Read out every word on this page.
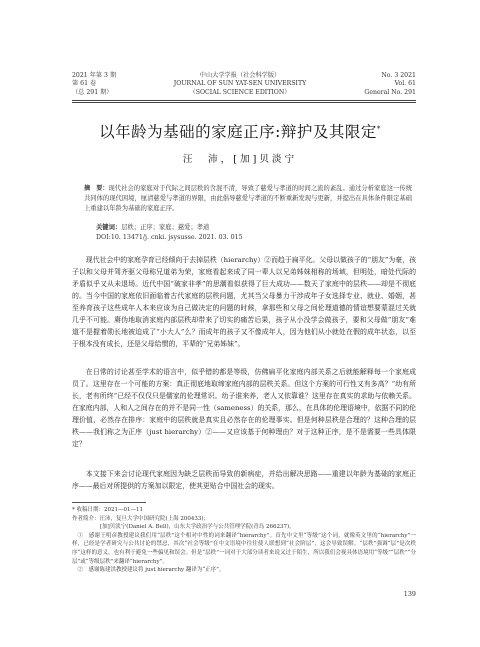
2021 年第 3 期
第 61 卷
（总 291 期）
中山大学学报（社会科学版）
JOURNAL OF SUN YAT-SEN UNIVERSITY
（SOCIAL SCIENCE EDITION）
No. 3 2021
Vol. 61
General No. 291
以年龄为基础的家庭正序:辩护及其限定*
汪　沛，[加]贝淡宁
摘　要：现代社会的家庭对于代际之间层秩的含混不清，导致了慈爱与孝道的时间之流的紊乱。通过分析家庭这一传统共同体的现代困境，厘清慈爱与孝道的界限，由此倡导慈爱与孝道的不断重新发现与更新，并提出在具体条件限定基础上重建以年龄为基础的家庭正序。
关键词：层秩；正序；家庭；慈爱；孝道
DOI:10. 13471/j. cnki. jsysusse. 2021. 03. 015

现代社会中的家庭孕育已经倾向于去掉层秩（hierarchy）②而趋于扁平化。父母以做孩子的“朋友”为豪，孩子以和父母并驾齐驱父母称兄道弟为荣，家庭看起来成了同一辈人以兄弟姊妹相称的场域，但明处，暗处代际的矛盾似乎又从未退场。近代中国“破家非孝”的思潮看似获得了巨大成功——数天了家庭中的层秩——却是不彻底的。当今中国的家庭依旧面临着古代家庭的层秩问题，尤其当父母暴力干涉成年子女选择专业、就业、婚姻，甚至养育孩子这些成年人本来应该为自己做决定的问题的时候，拿那些和父母之间伦理道德的情谊想要蒙混过关就几乎不可能。赓伪地取消家庭内部层秩却带来了切实的痛苦后果，孩子从小没学会做孩子，要和父母做“朋友”难道不是握着勋长地被迫成了“小大人”么？而成年的孩子又不像成年人，因为他们从小就处在假的成年状态，以至于根本没有成长，还是父母给惯的，平辈的“兄弟姊妹”。

在日常的讨论甚至学术的语言中，似乎错的都是等级，仿佛扁平化家庭内部关系之后就能解释每一个家庭成员了。这里存在一个可能的方案：真正彻底地取缔家庭内部的层秩关系。但这个方案的可行性又有多高？“幼有所长，老有所终”已经不仅仅只是儒家的伦理常识。幼子谁来养，老人又依靠谁？这里存在真实的求助与依赖关系。在家庭内部，人和人之间存在的并不是同一性（sameness）的关系，那么，在具体的伦理语境中，依据不同的伦理价值，必然存在排序：家庭中的层秩就是真实且必然存在的伦理事实。但是何种层秩是合理的？这种合理的层秩——我们称之为正序（just hierarchy）②——又应该基于何种理由？对于这种正序，是不是需要一些具体限定？

本文接下来会讨论现代家庭因为缺乏层秩而导致的新病症，并给出解决思路——重建以年龄为基础的家庭正序——最后对所提供的方案加以限定，使其更贴合中国社会的现实。

* 收稿日期：2021—01—11
作者简介：汪沛，复旦大学中国研究院(上海 200433)；
[加]贝淡宁(Daniel A. Bell)，山东大学政治学与公共管理学院(青岛 266237)。
①　感谢王明彦教授建议我们用“层秩”这个相对中性的词来翻译“hierarchy”。首先中文里“等级”这个词，就像英文里的“hierarchy”一样，已经是学者研究与公共讨论的禁忌，其次“社会等级”在中文语境中往往使人联想到“社会阶层”，这会导致误解。“层秩”强调“层”是次秩序“这样的意义，也有利于避免一些偏见和误会。但是“层秩”一词对于大部分读者来说又过于陌生，所以我们会视具体语境用“等级”“层秩”“分层”或“等级层秩”来翻译“hierarchy”。
②　感谢陈建洪教授建议将 just hierarchy 翻译为“正序”。
139
